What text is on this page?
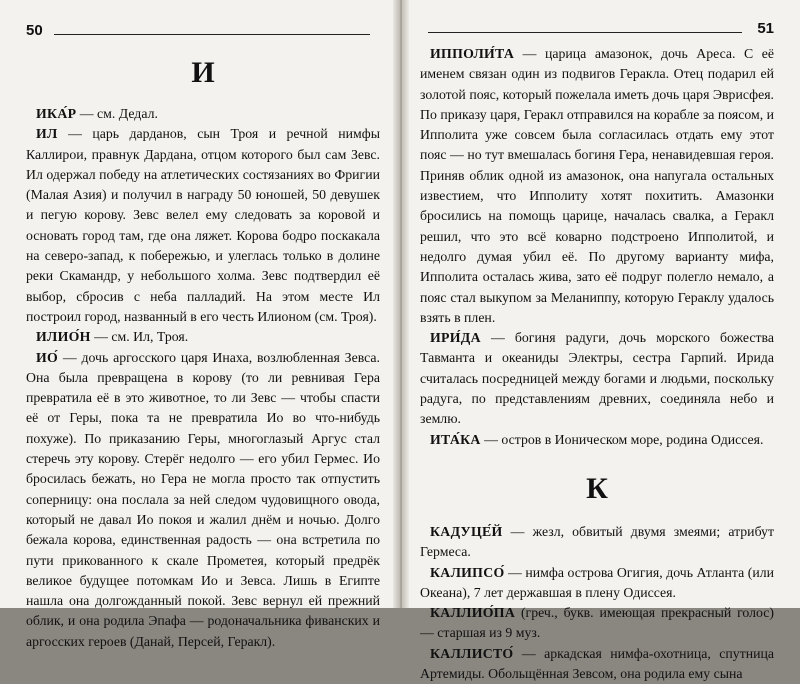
50
И

ИКА́Р — см. Дедал.

ИЛ — царь дарданов, сын Троя и речной нимфы Каллирои, правнук Дардана, отцом которого был сам Зевс. Ил одержал победу на атлетических состязаниях во Фригии (Малая Азия) и получил в награду 50 юношей, 50 девушек и пегую корову. Зевс велел ему следовать за коровой и основать город там, где она ляжет. Корова бодро поскакала на северо-запад, к побережью, и улеглась только в долине реки Скамандр, у небольшого холма. Зевс подтвердил её выбор, сбросив с неба палладий. На этом месте Ил построил город, названный в его честь Илионом (см. Троя).

ИЛИО́Н — см. Ил, Троя.

ИО́ — дочь аргосского царя Инаха, возлюбленная Зевса. Она была превращена в корову (то ли ревнивая Гера превратила её в это животное, то ли Зевс — чтобы спасти её от Геры, пока та не превратила Ио во что-нибудь похуже). По приказанию Геры, многоглазый Аргус стал стеречь эту корову. Стерёг недолго — его убил Гермес. Ио бросилась бежать, но Гера не могла просто так отпустить соперницу: она послала за ней следом чудовищного овода, который не давал Ио покоя и жалил днём и ночью. Долго бежала корова, единственная радость — она встретила по пути прикованного к скале Прометея, который предрёк великое будущее потомкам Ио и Зевса. Лишь в Египте нашла она долгожданный покой. Зевс вернул ей прежний облик, и она родила Эпафа — родоначальника фиванских и аргосских героев (Данай, Персей, Геракл).

51

ИППОЛИ́ТА — царица амазонок, дочь Ареса. С её именем связан один из подвигов Геракла. Отец подарил ей золотой пояс, который пожелала иметь дочь царя Эврисфея. По приказу царя, Геракл отправился на корабле за поясом, и Ипполита уже совсем была согласилась отдать ему этот пояс — но тут вмешалась богиня Гера, ненавидевшая героя. Приняв облик одной из амазонок, она напугала остальных известием, что Ипполиту хотят похитить. Амазонки бросились на помощь царице, началась свалка, а Геракл решил, что это всё коварно подстроено Ипполитой, и недолго думая убил её. По другому варианту мифа, Ипполита осталась жива, зато её подруг полегло немало, а пояс стал выкупом за Меланиппу, которую Гераклу удалось взять в плен.

ИРИ́ДА — богиня радуги, дочь морского божества Тавманта и океаниды Электры, сестра Гарпий. Ирида считалась посредницей между богами и людьми, поскольку радуга, по представлениям древних, соединяла небо и землю.

ИТА́КА — остров в Ионическом море, родина Одиссея.

К

КАДУЦЕ́Й — жезл, обвитый двумя змеями; атрибут Гермеса.

КАЛИПСО́ — нимфа острова Огигия, дочь Атланта (или Океана), 7 лет державшая в плену Одиссея.

КАЛЛИО́ПА (греч., букв. имеющая прекрасный голос) — старшая из 9 муз.

КАЛЛИСТО́ — аркадская нимфа-охотница, спутница Артемиды. Обольщённая Зевсом, она родила ему сына
